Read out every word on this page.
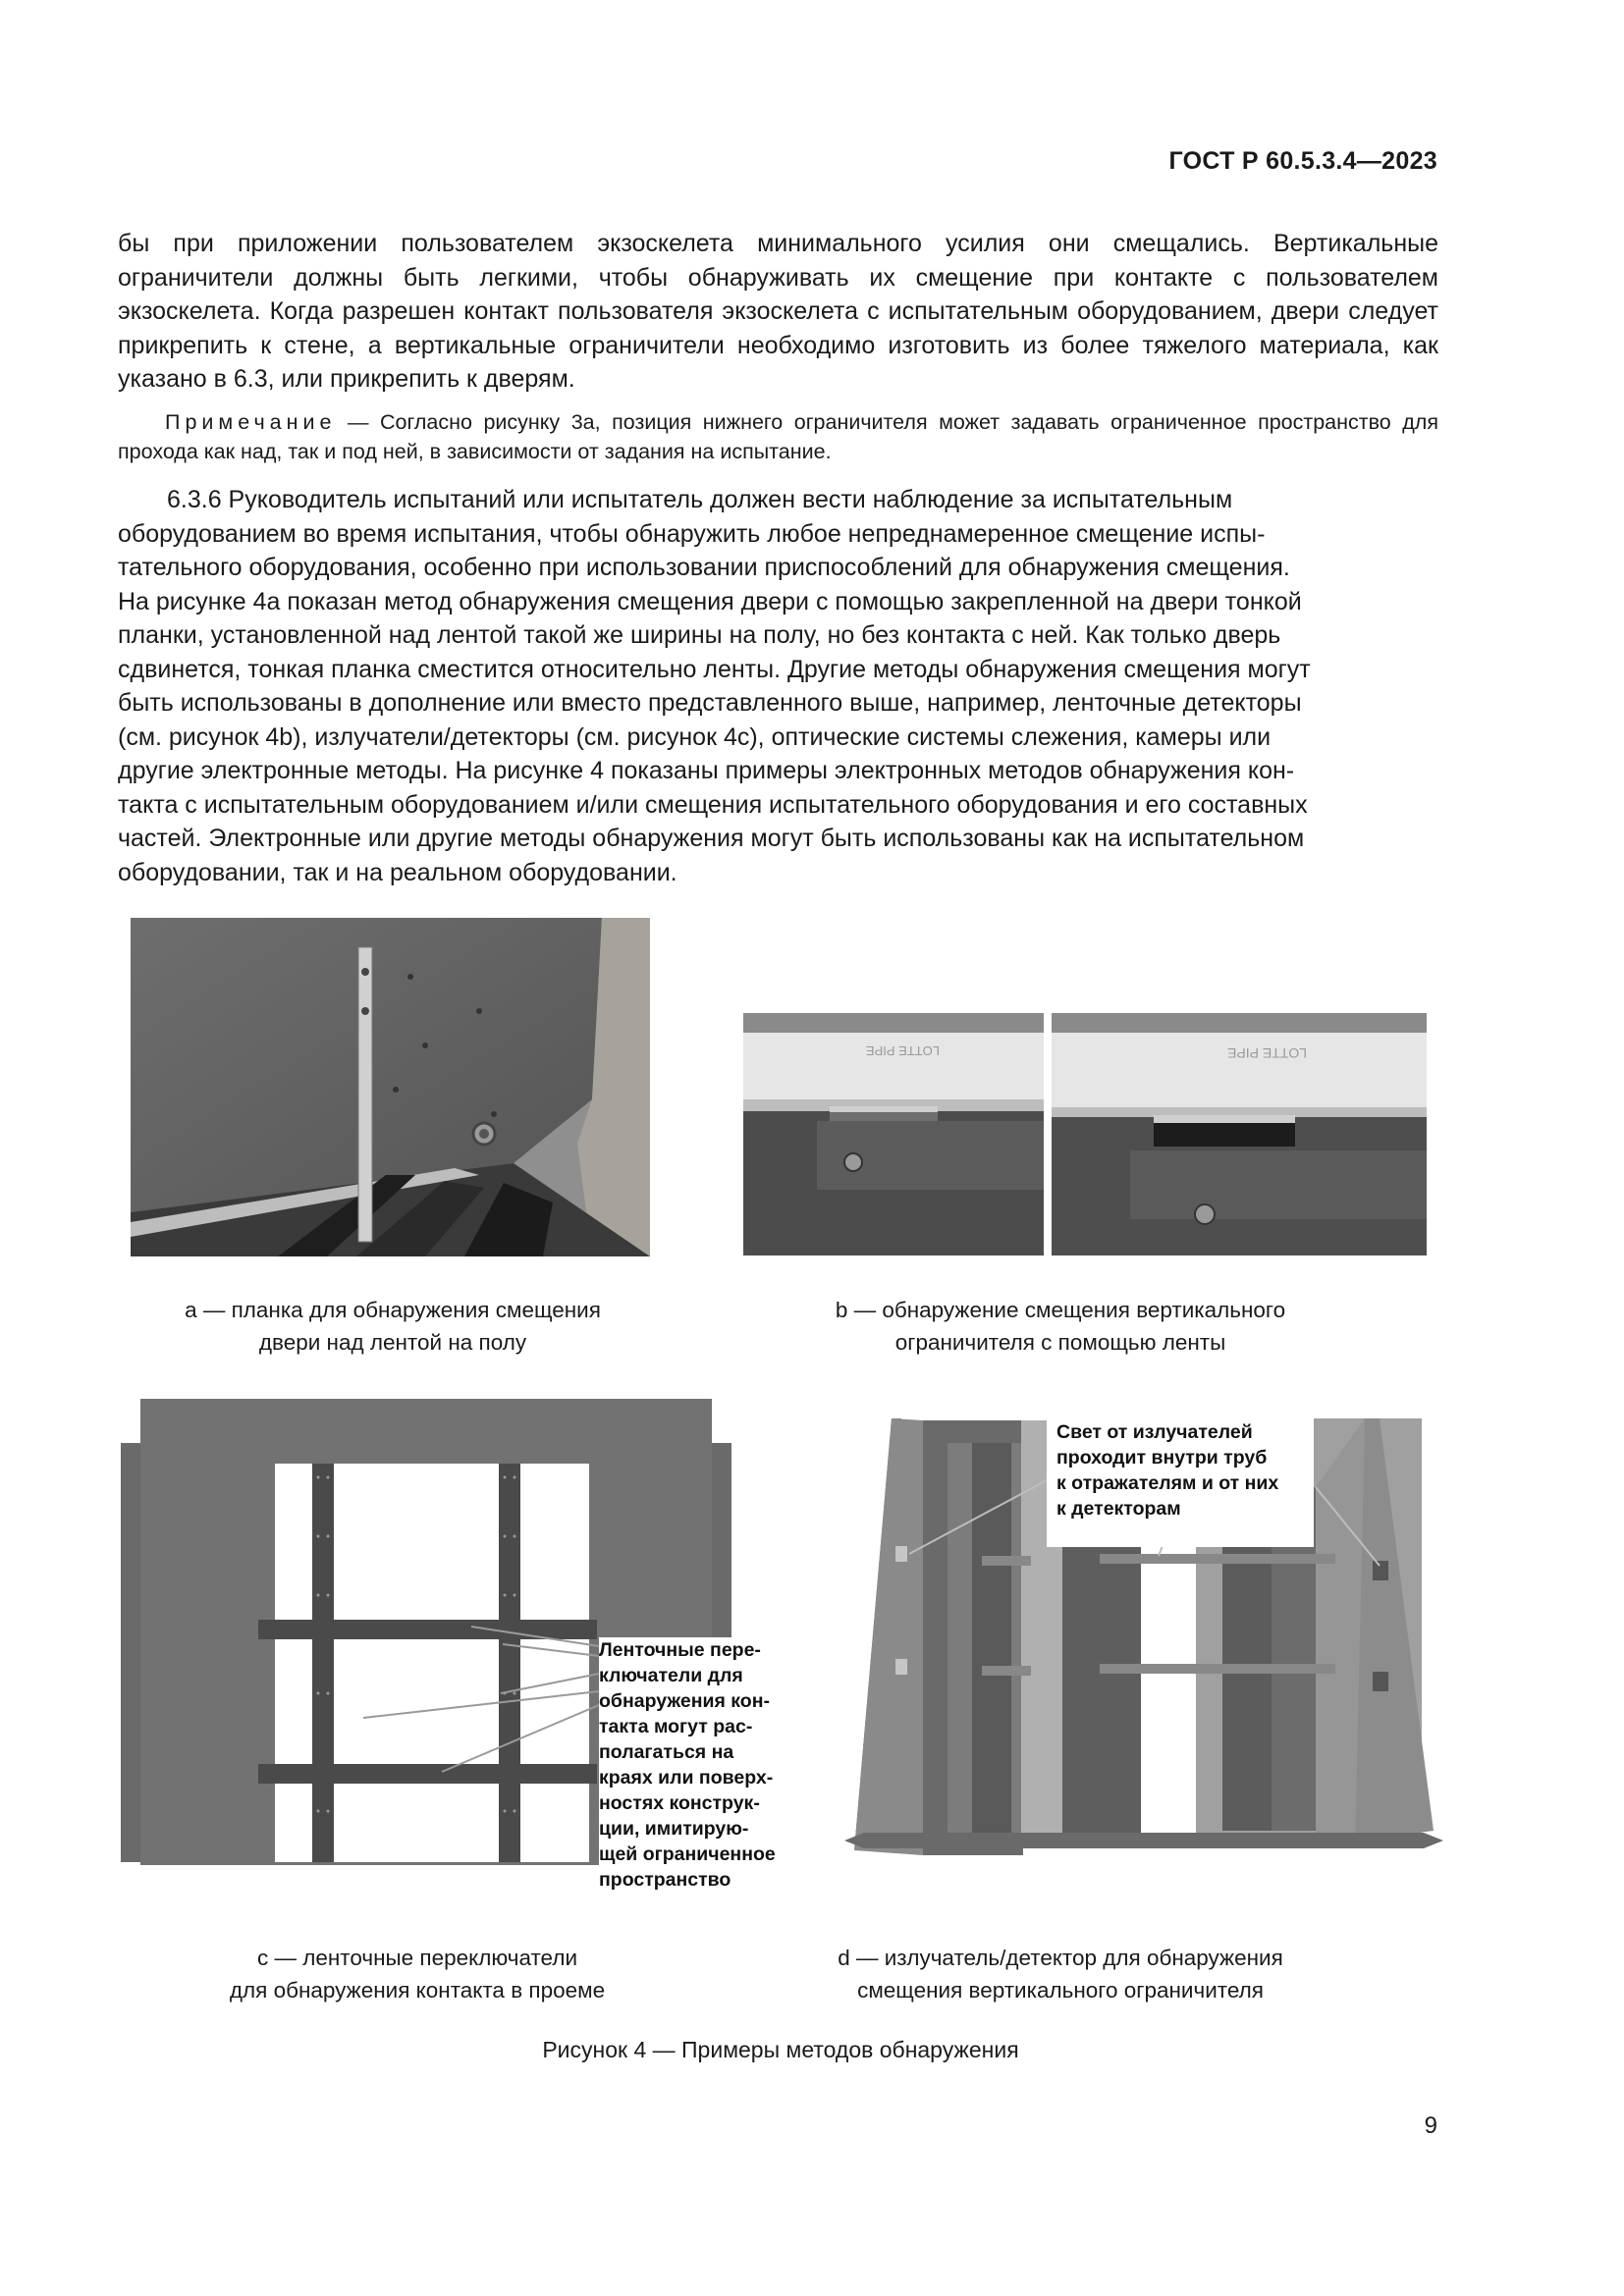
ГОСТ Р 60.5.3.4—2023
бы при приложении пользователем экзоскелета минимального усилия они смещались. Вертикальные ограничители должны быть легкими, чтобы обнаруживать их смещение при контакте с пользователем экзоскелета. Когда разрешен контакт пользователя экзоскелета с испытательным оборудованием, двери следует прикрепить к стене, а вертикальные ограничители необходимо изготовить из более тяжелого материала, как указано в 6.3, или прикрепить к дверям.
Примечание — Согласно рисунку 3a, позиция нижнего ограничителя может задавать ограниченное пространство для прохода как над, так и под ней, в зависимости от задания на испытание.
6.3.6 Руководитель испытаний или испытатель должен вести наблюдение за испытательным
оборудованием во время испытания, чтобы обнаружить любое непреднамеренное смещение испы-
тательного оборудования, особенно при использовании приспособлений для обнаружения смещения.
На рисунке 4a показан метод обнаружения смещения двери с помощью закрепленной на двери тонкой
планки, установленной над лентой такой же ширины на полу, но без контакта с ней. Как только дверь
сдвинется, тонкая планка сместится относительно ленты. Другие методы обнаружения смещения могут
быть использованы в дополнение или вместо представленного выше, например, ленточные детекторы
(см. рисунок 4b), излучатели/детекторы (см. рисунок 4c), оптические системы слежения, камеры или
другие электронные методы. На рисунке 4 показаны примеры электронных методов обнаружения кон-
такта с испытательным оборудованием и/или смещения испытательного оборудования и его составных
частей. Электронные или другие методы обнаружения могут быть использованы как на испытательном
оборудовании, так и на реальном оборудовании.
LOTTE PIPE	LOTTE PIPE
a — планка для обнаружения смещения
двери над лентой на полу
b — обнаружение смещения вертикального
ограничителя с помощью ленты
Ленточные пере-
ключатели для
обнаружения кон-
такта могут рас-
полагаться на
краях или поверх-
ностях конструк-
ции, имитирую-
щей ограниченное
пространство
Свет от излучателей
проходит внутри труб
к отражателям и от них
к детекторам
c — ленточные переключатели
для обнаружения контакта в проеме
d — излучатель/детектор для обнаружения
смещения вертикального ограничителя
Рисунок 4 — Примеры методов обнаружения
9
